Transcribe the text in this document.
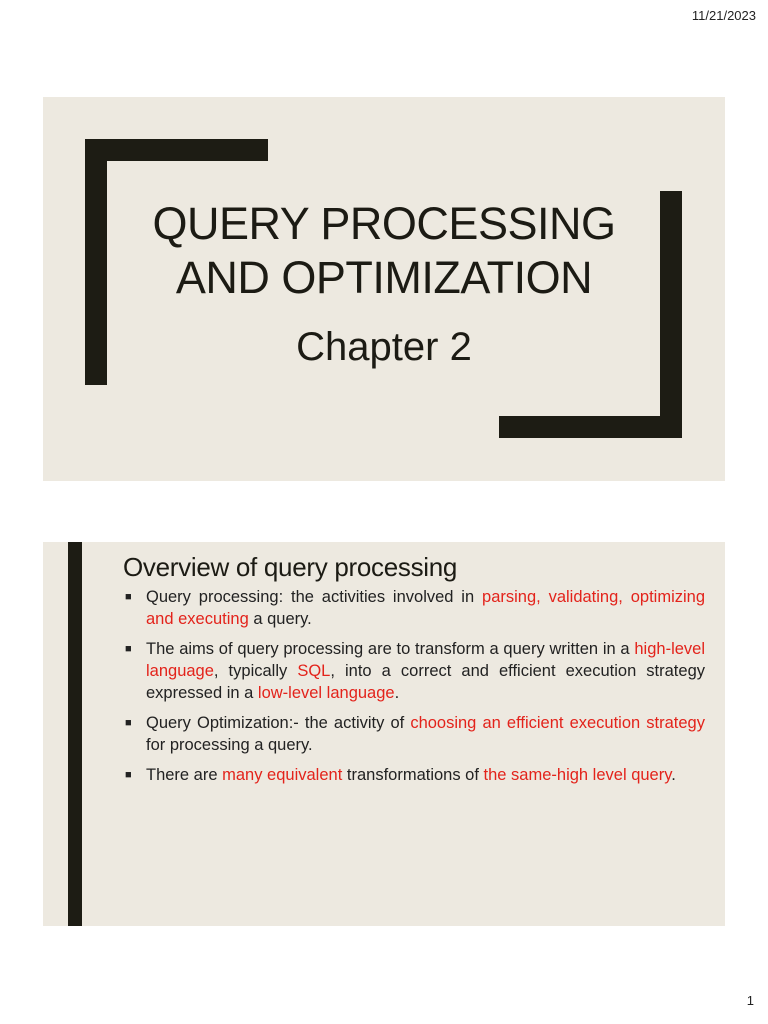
11/21/2023
QUERY PROCESSING
AND OPTIMIZATION
Chapter 2
Overview of query processing
■ Query processing: the activities involved in parsing, validating, optimizing and executing a query.
■ The aims of query processing are to transform a query written in a high-level language, typically SQL, into a correct and efficient execution strategy expressed in a low-level language.
■ Query Optimization:- the activity of choosing an efficient execution strategy for processing a query.
■ There are many equivalent transformations of the same-high level query.
1
